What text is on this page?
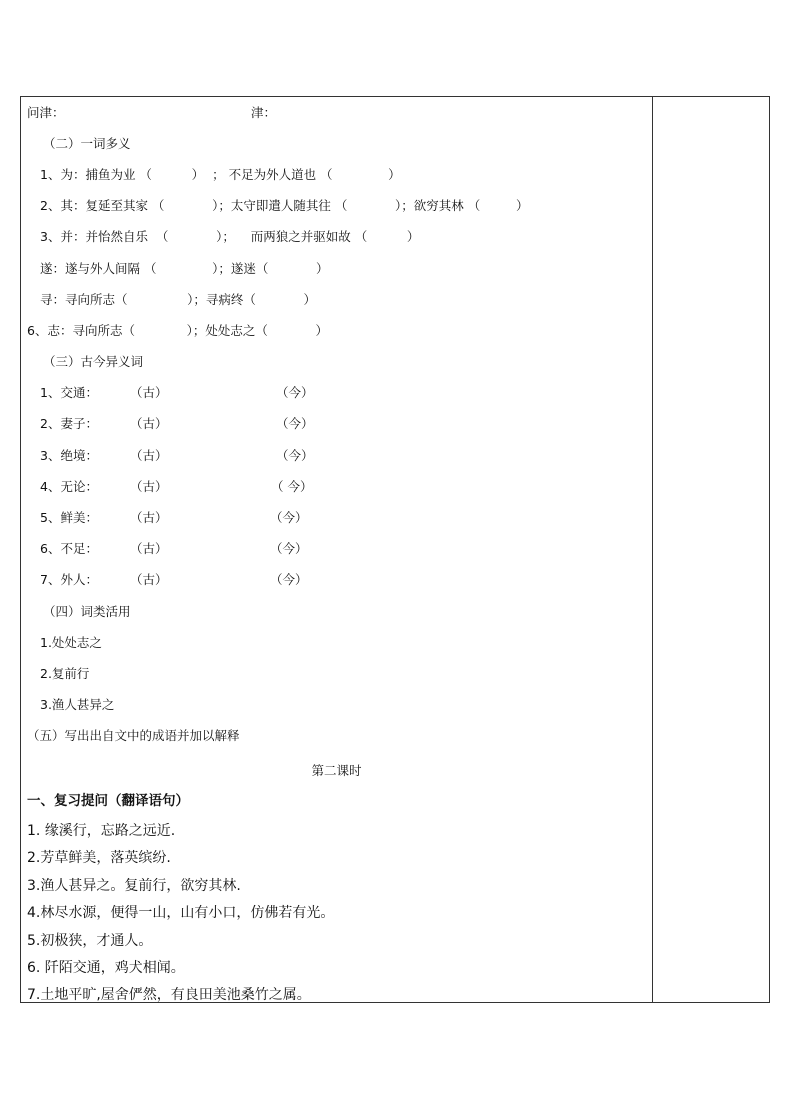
问津：	津：
（二）一词多义
1、为：捕鱼为业 （          ）  ； 不足为外人道也 （              ）
2、其：复延至其家 （            ）；太守即遣人随其往 （            ）；欲穷其林 （         ）
3、并：并怡然自乐  （            ）；    而两狼之并驱如故 （          ）
遂：遂与外人间隔 （              ）；遂迷（            ）
寻：寻向所志（               ）；寻病终（            ）
6、志：寻向所志（             ）；处处志之（            ）
（三）古今异义词
1、交通：	（古）	（今）
2、妻子：	（古）	（今）
3、绝境：	（古）	（今）
4、无论：	（古）	（ 今）
5、鲜美：	（古）	（今）
6、不足：	（古）	（今）
7、外人：	（古）	（今）
（四）词类活用
1.处处志之
2.复前行
3.渔人甚异之
（五）写出出自文中的成语并加以解释
第二课时
一、复习提问（翻译语句）
1. 缘溪行，忘路之远近.
2.芳草鲜美，落英缤纷.
3.渔人甚异之。复前行，欲穷其林.
4.林尽水源，便得一山，山有小口，仿佛若有光。
5.初极狭，才通人。
6. 阡陌交通，鸡犬相闻。
7.土地平旷,屋舍俨然，有良田美池桑竹之属。
